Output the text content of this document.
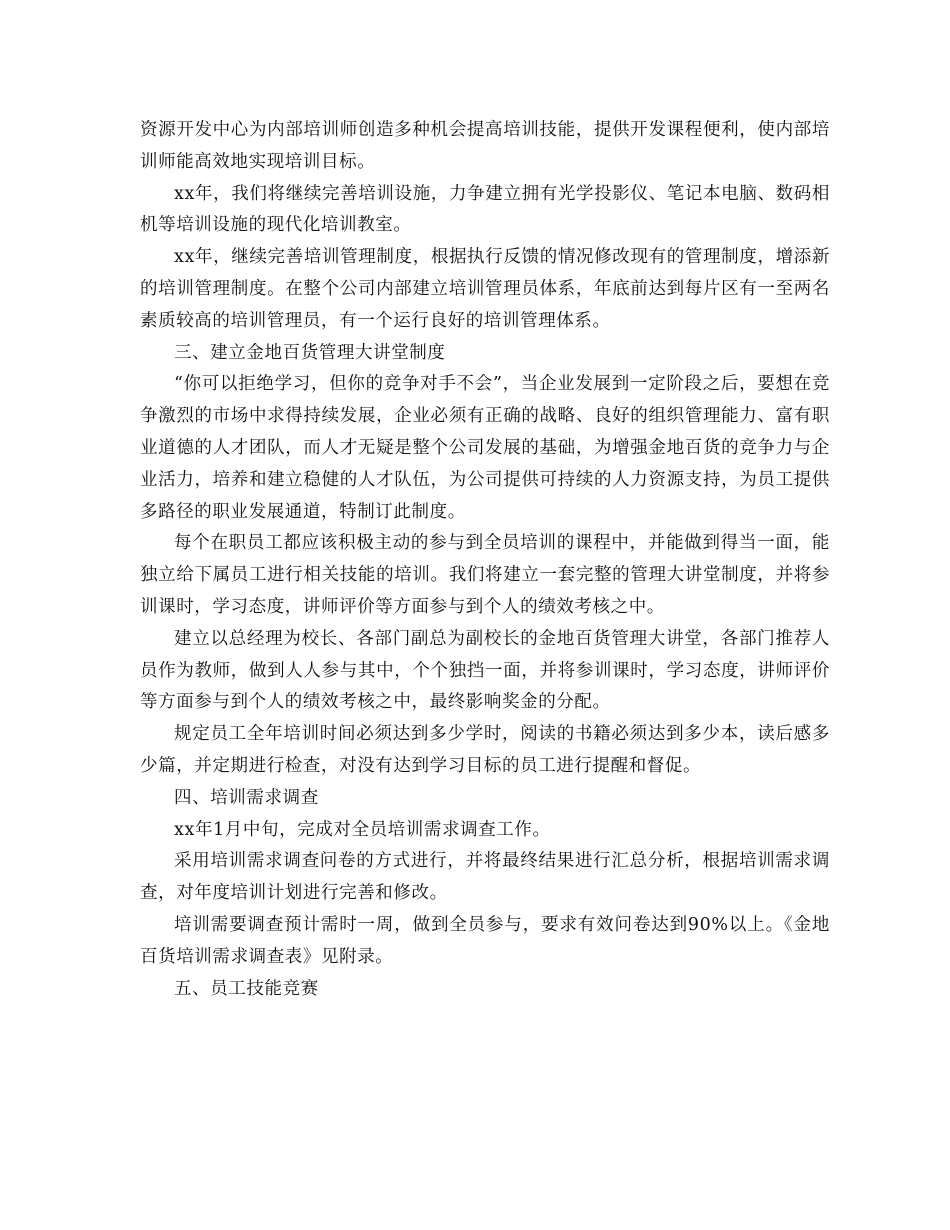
资源开发中心为内部培训师创造多种机会提高培训技能，提供开发课程便利，使内部培训师能高效地实现培训目标。

xx年，我们将继续完善培训设施，力争建立拥有光学投影仪、笔记本电脑、数码相机等培训设施的现代化培训教室。

xx年，继续完善培训管理制度，根据执行反馈的情况修改现有的管理制度，增添新的培训管理制度。在整个公司内部建立培训管理员体系，年底前达到每片区有一至两名素质较高的培训管理员，有一个运行良好的培训管理体系。

三、建立金地百货管理大讲堂制度

“你可以拒绝学习，但你的竞争对手不会”，当企业发展到一定阶段之后，要想在竞争激烈的市场中求得持续发展，企业必须有正确的战略、良好的组织管理能力、富有职业道德的人才团队，而人才无疑是整个公司发展的基础，为增强金地百货的竞争力与企业活力，培养和建立稳健的人才队伍，为公司提供可持续的人力资源支持，为员工提供多路径的职业发展通道，特制订此制度。

每个在职员工都应该积极主动的参与到全员培训的课程中，并能做到得当一面，能独立给下属员工进行相关技能的培训。我们将建立一套完整的管理大讲堂制度，并将参训课时，学习态度，讲师评价等方面参与到个人的绩效考核之中。

建立以总经理为校长、各部门副总为副校长的金地百货管理大讲堂，各部门推荐人员作为教师，做到人人参与其中，个个独挡一面，并将参训课时，学习态度，讲师评价等方面参与到个人的绩效考核之中，最终影响奖金的分配。

规定员工全年培训时间必须达到多少学时，阅读的书籍必须达到多少本，读后感多少篇，并定期进行检查，对没有达到学习目标的员工进行提醒和督促。

四、培训需求调查

xx年1月中旬，完成对全员培训需求调查工作。

采用培训需求调查问卷的方式进行，并将最终结果进行汇总分析，根据培训需求调查，对年度培训计划进行完善和修改。

培训需要调查预计需时一周，做到全员参与，要求有效问卷达到90%以上。《金地百货培训需求调查表》见附录。

五、员工技能竞赛
